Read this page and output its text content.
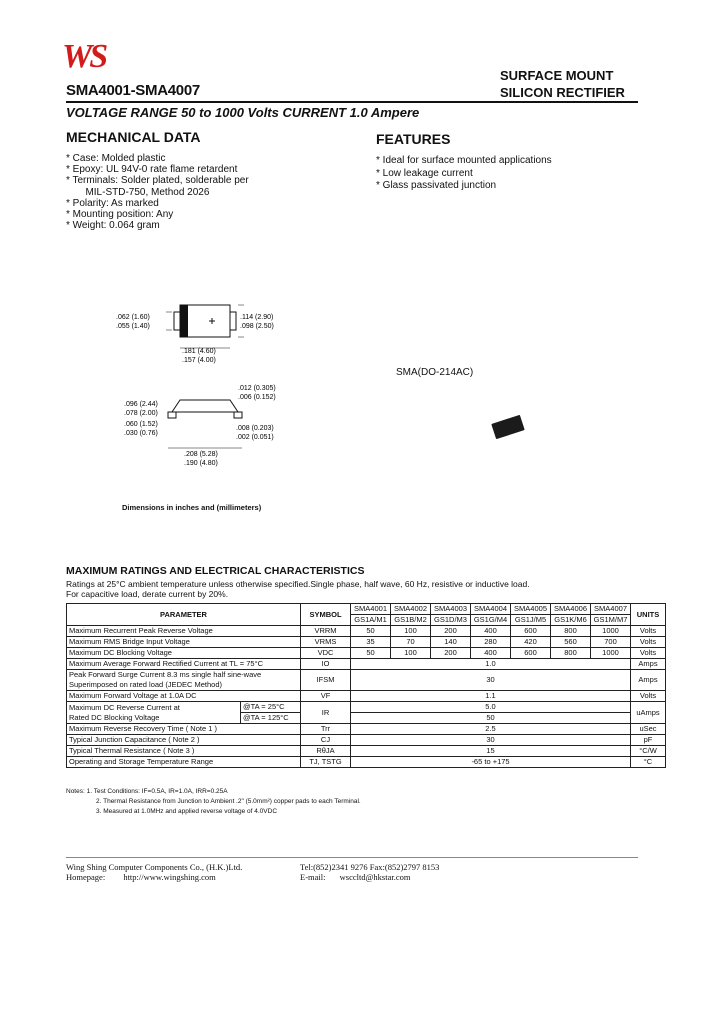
WS
SMA4001-SMA4007
SURFACE MOUNT
SILICON RECTIFIER
VOLTAGE RANGE 50 to 1000 Volts CURRENT 1.0 Ampere
MECHANICAL DATA	FEATURES
* Case: Molded plastic
* Epoxy: UL 94V-0 rate flame retardent
* Terminals: Solder plated, solderable per
MIL-STD-750, Method 2026
* Polarity: As marked
* Mounting position: Any
* Weight: 0.064 gram
* Ideal for surface mounted applications
* Low leakage current
* Glass passivated junction
.062 (1.60)
.055 (1.40)
.114 (2.90)
.098 (2.50)
.181 (4.60)
.157 (4.00)
.012 (0.305)
.006 (0.152)
.096 (2.44)
.078 (2.00)
.060 (1.52)
.030 (0.76)
.008 (0.203)
.002 (0.051)
.208 (5.28)
.190 (4.80)
Dimensions in inches and (millimeters)
SMA(DO-214AC)
MAXIMUM RATINGS AND ELECTRICAL CHARACTERISTICS
Ratings at 25°C ambient temperature unless otherwise specified.Single phase, half wave, 60 Hz, resistive or inductive load.
For capacitive load, derate current by 20%.
PARAMETER		SYMBOL	SMA4001	SMA4002	SMA4003	SMA4004	SMA4005	SMA4006	SMA4007	UNITS
			GS1A/M1	GS1B/M2	GS1D/M3	GS1G/M4	GS1J/M5	GS1K/M6	GS1M/M7	
Maximum Recurrent Peak Reverse Voltage		VRRM	50	100	200	400	600	800	1000	Volts
Maximum RMS Bridge Input Voltage		VRMS	35	70	140	280	420	560	700	Volts
Maximum DC Blocking Voltage		VDC	50	100	200	400	600	800	1000	Volts
Maximum Average Forward Rectified Current at TL = 75°C		IO	1.0							Amps

Peak Forward Surge Current 8.3 ms single half sine-wave
Superimposed on rated load (JEDEC Method)		IFSM	30							Amps
Maximum Forward Voltage at 1.0A DC		VF	1.1							Volts

Maximum DC Reverse Current at
Rated DC Blocking Voltage	@TA = 25°C	IR	5.0							uAmps
	@TA = 125°C		50							
Maximum Reverse Recovery Time ( Note 1 )		Trr	2.5							uSec
Typical Junction Capacitance ( Note 2 )		CJ	30							pF
Typical Thermal Resistance ( Note 3 )		RθJA	15							°C/W
Operating and Storage Temperature Range		TJ, TSTG	-65 to +175							°C
Notes: 1. Test Conditions: IF=0.5A, IR=1.0A, IRR=0.25A
2. Thermal Resistance from Junction to Ambient .2" (5.0mm²) copper pads to each Terminal.
3. Measured at 1.0MHz and applied reverse voltage of 4.0VDC
Wing Shing Computer Components Co., (H.K.)Ltd.
Homepage: http://www.wingshing.com
Tel:(852)2341 9276 Fax:(852)2797 8153
E-mail: wsccltd@hkstar.com
